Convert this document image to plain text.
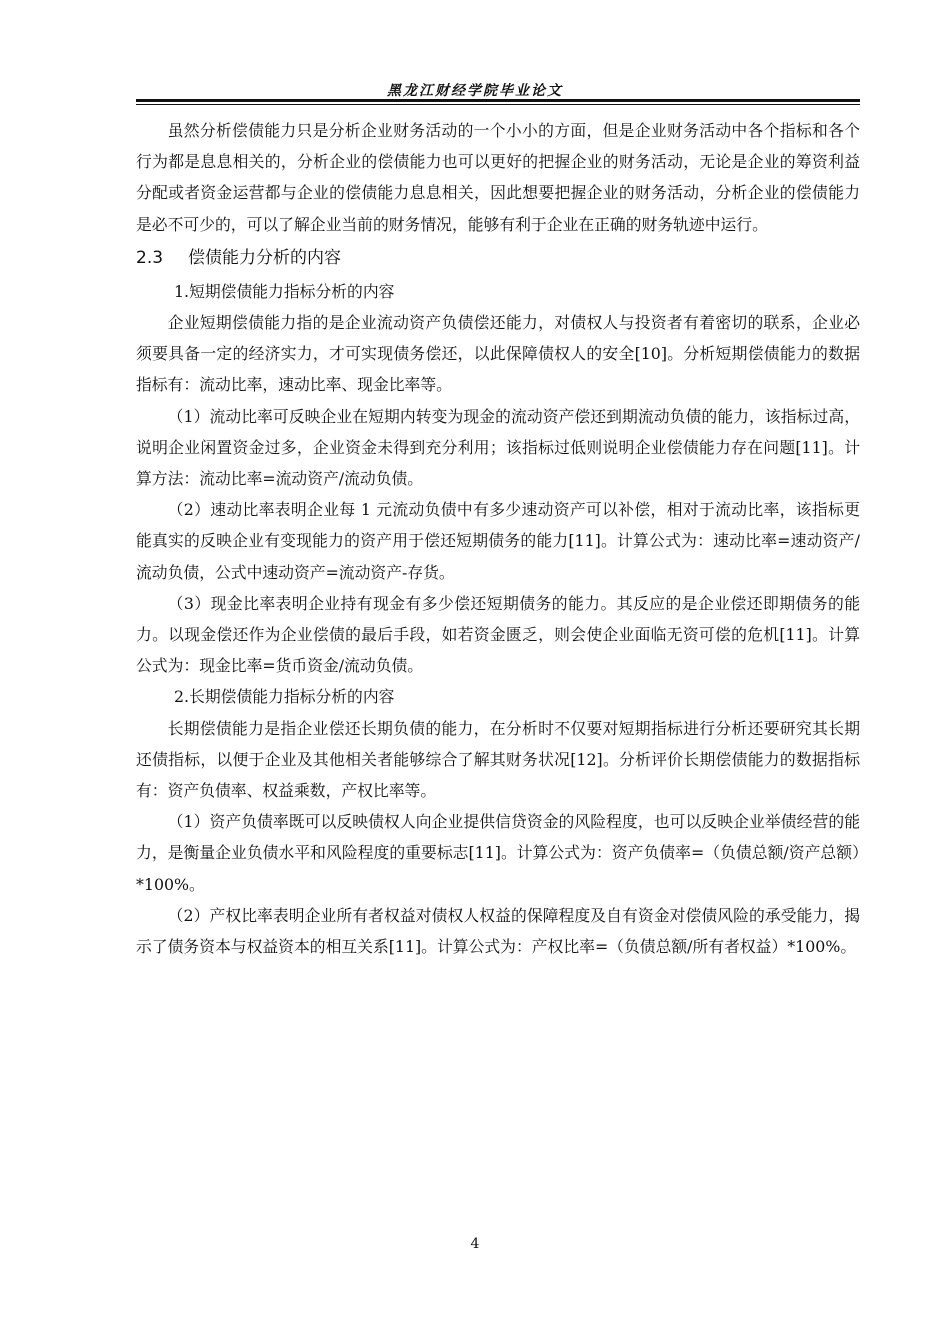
黑龙江财经学院毕业论文

虽然分析偿债能力只是分析企业财务活动的一个小小的方面，但是企业财务活动中各个指标和各个行为都是息息相关的，分析企业的偿债能力也可以更好的把握企业的财务活动，无论是企业的筹资利益分配或者资金运营都与企业的偿债能力息息相关，因此想要把握企业的财务活动，分析企业的偿债能力是必不可少的，可以了解企业当前的财务情况，能够有利于企业在正确的财务轨迹中运行。

2.3 偿债能力分析的内容

1.短期偿债能力指标分析的内容

企业短期偿债能力指的是企业流动资产负债偿还能力，对债权人与投资者有着密切的联系，企业必须要具备一定的经济实力，才可实现债务偿还，以此保障债权人的安全[10]。分析短期偿债能力的数据指标有：流动比率，速动比率、现金比率等。

（1）流动比率可反映企业在短期内转变为现金的流动资产偿还到期流动负债的能力，该指标过高，说明企业闲置资金过多，企业资金未得到充分利用；该指标过低则说明企业偿债能力存在问题[11]。计算方法：流动比率=流动资产/流动负债。

（2）速动比率表明企业每 1 元流动负债中有多少速动资产可以补偿，相对于流动比率，该指标更能真实的反映企业有变现能力的资产用于偿还短期债务的能力[11]。计算公式为：速动比率=速动资产/流动负债，公式中速动资产=流动资产-存货。

（3）现金比率表明企业持有现金有多少偿还短期债务的能力。其反应的是企业偿还即期债务的能力。以现金偿还作为企业偿债的最后手段，如若资金匮乏，则会使企业面临无资可偿的危机[11]。计算公式为：现金比率=货币资金/流动负债。

2.长期偿债能力指标分析的内容

长期偿债能力是指企业偿还长期负债的能力，在分析时不仅要对短期指标进行分析还要研究其长期还债指标，以便于企业及其他相关者能够综合了解其财务状况[12]。分析评价长期偿债能力的数据指标有：资产负债率、权益乘数，产权比率等。

（1）资产负债率既可以反映债权人向企业提供信贷资金的风险程度，也可以反映企业举债经营的能力，是衡量企业负债水平和风险程度的重要标志[11]。计算公式为：资产负债率=（负债总额/资产总额）*100%。

（2）产权比率表明企业所有者权益对债权人权益的保障程度及自有资金对偿债风险的承受能力，揭示了债务资本与权益资本的相互关系[11]。计算公式为：产权比率=（负债总额/所有者权益）*100%。

4
